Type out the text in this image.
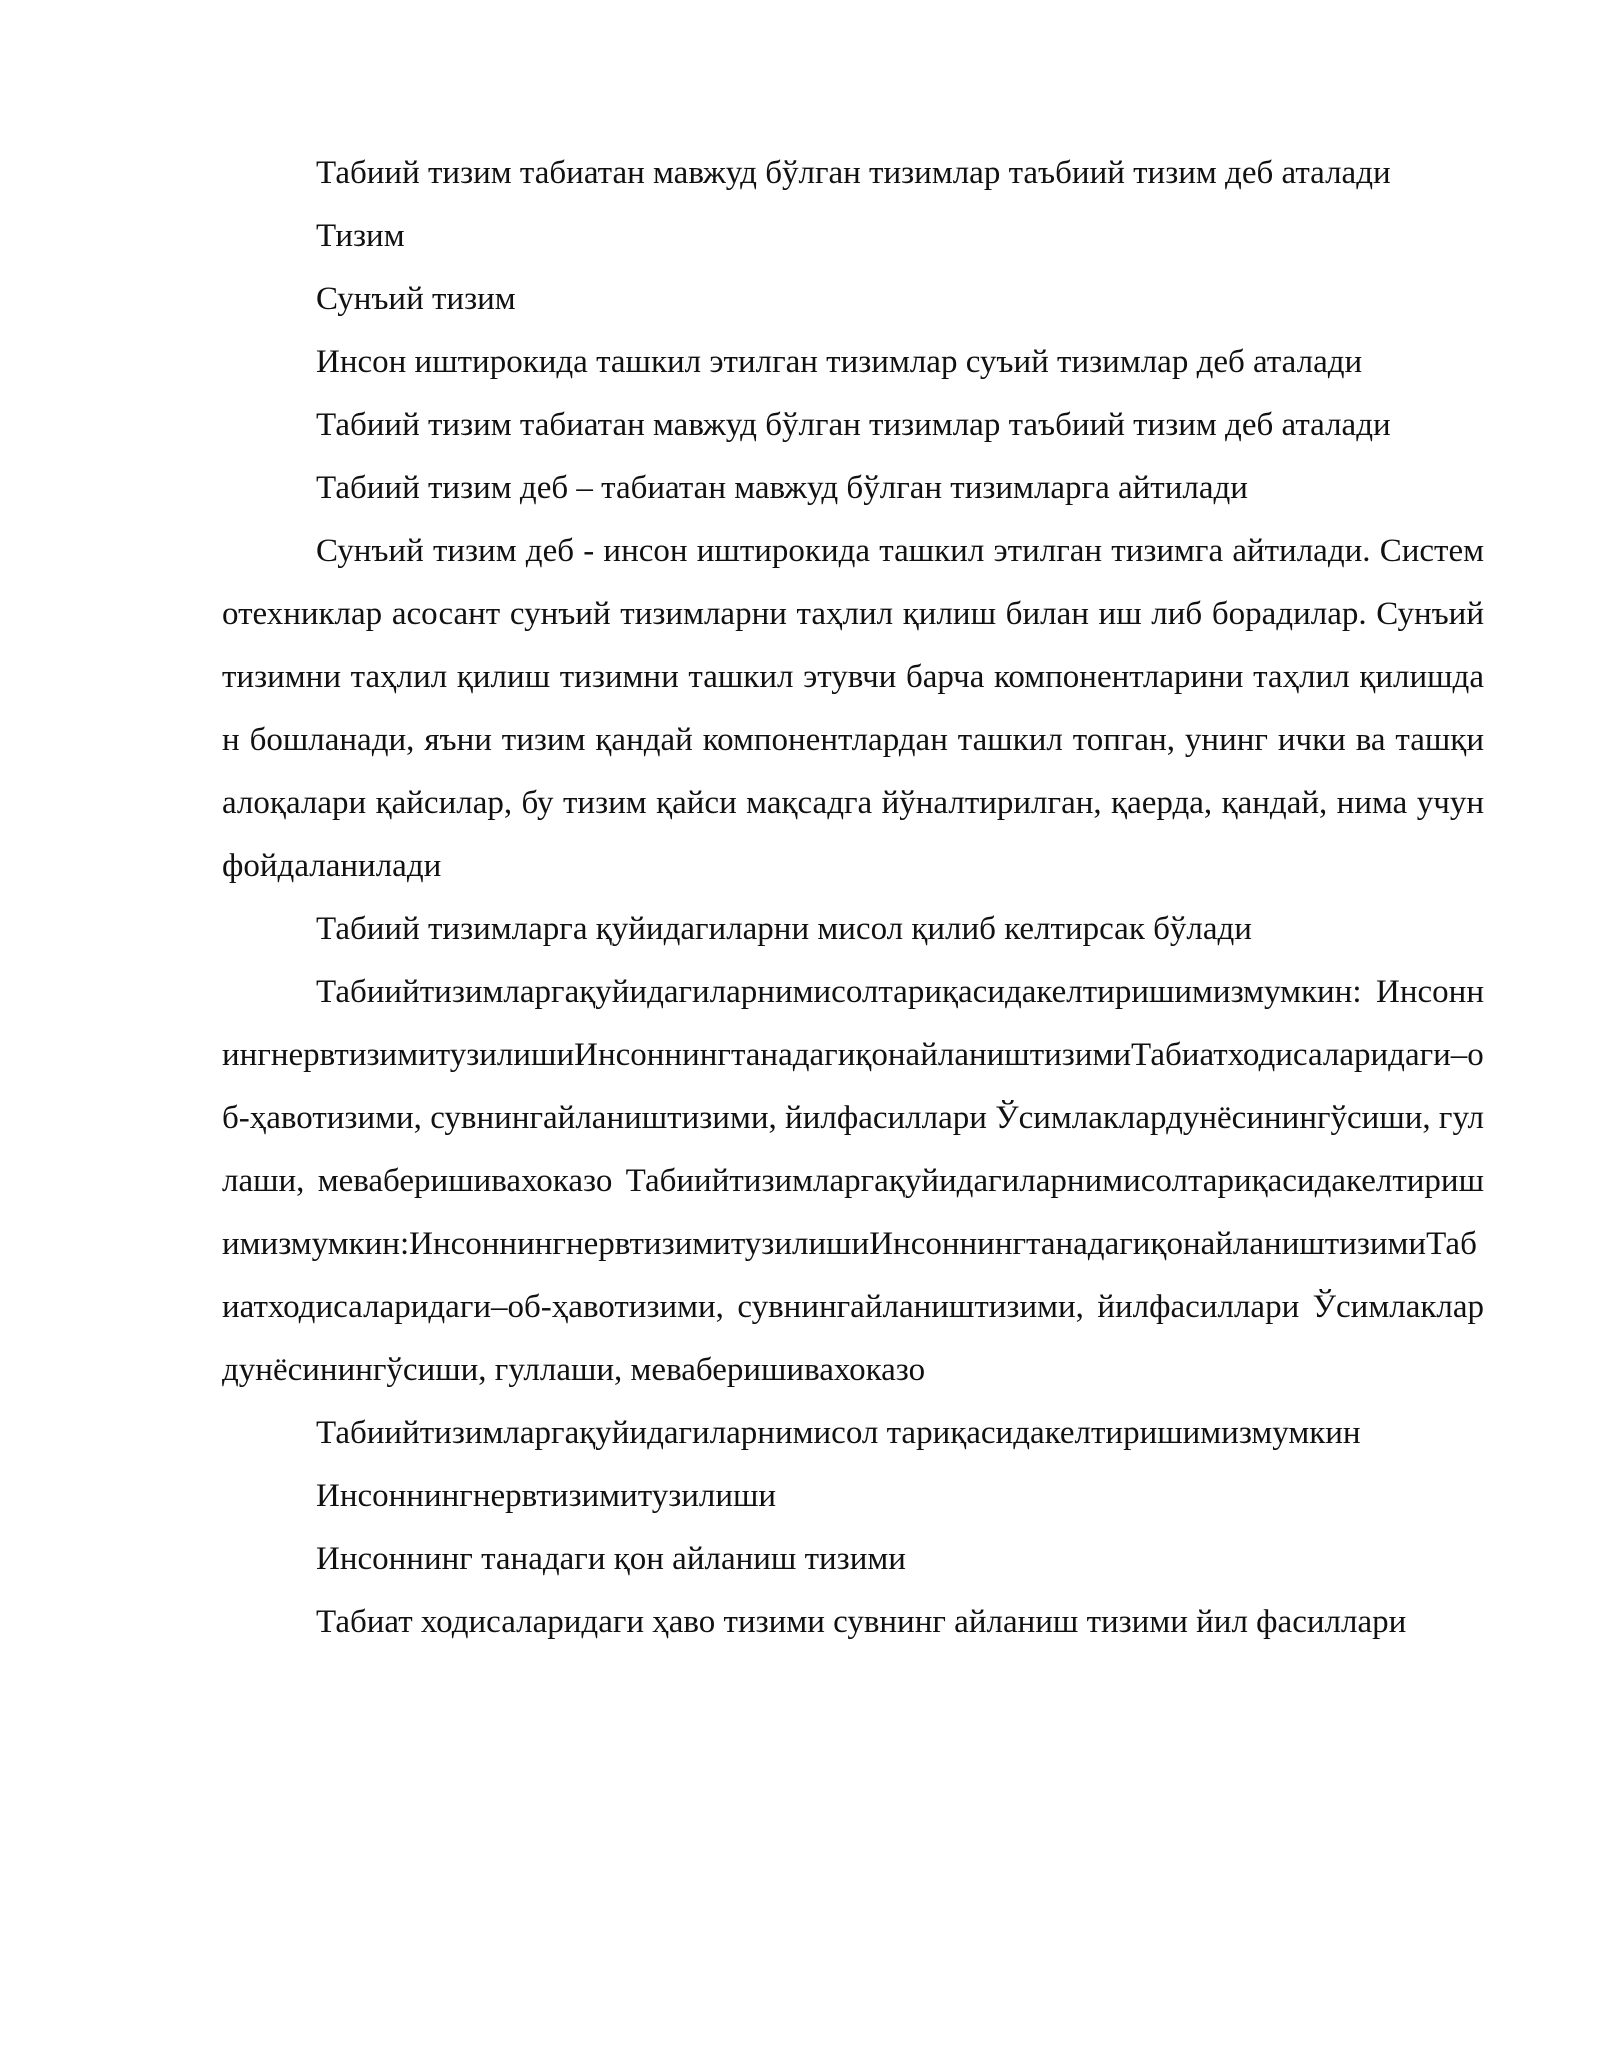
Табиий тизим табиатан мавжуд бўлган тизимлар таъбиий тизим деб аталади

Тизим

Сунъий тизим

Инсон иштирокида ташкил этилган тизимлар суъий тизимлар деб аталади

Табиий тизим табиатан мавжуд бўлган тизимлар таъбиий тизим деб аталади

Табиий тизим деб – табиатан мавжуд бўлган тизимларга айтилади

Сунъий тизим деб - инсон иштирокида ташкил этилган тизимга айтилади. Системотехниклар асосант сунъий тизимларни таҳлил қилиш билан иш либ борадилар. Сунъий тизимни таҳлил қилиш тизимни ташкил этувчи барча компонентларини таҳлил қилишдан бошланади, яъни тизим қандай компонентлардан ташкил топган, унинг ички ва ташқи алоқалари қайсилар, бу тизим қайси мақсадга йўналтирилган, қаерда, қандай, нима учун фойдаланилади

Табиий тизимларга қуйидагиларни мисол қилиб келтирсак бўлади

Табиийтизимларгақуйидагиларнимисолтариқасидакелтиришимизмумкин: ИнсоннингнервтизимитузилишиИнсоннингтанадагиқонайлаништизимиТабиатходисаларидаги–об-ҳавотизими, сувнингайлаништизими, йилфасиллари Ўсимлаклардунёсинингўсиши, гуллаши, меваберишивахоказо Табиийтизимларгақуйидагиларнимисолтариқасидакелтиришимизмумкин:ИнсоннингнервтизимитузилишиИнсоннингтанадагиқонайлаништизимиТабиатходисаларидаги–об-ҳавотизими, сувнингайлаништизими, йилфасиллари Ўсимлаклардунёсинингўсиши, гуллаши, меваберишивахоказо

Табиийтизимларгақуйидагиларнимисол тариқасидакелтиришимизмумкин

Инсоннингнервтизимитузилиши

Инсоннинг танадаги қон айланиш тизими

Табиат ходисаларидаги ҳаво тизими сувнинг айланиш тизими йил фасиллари
